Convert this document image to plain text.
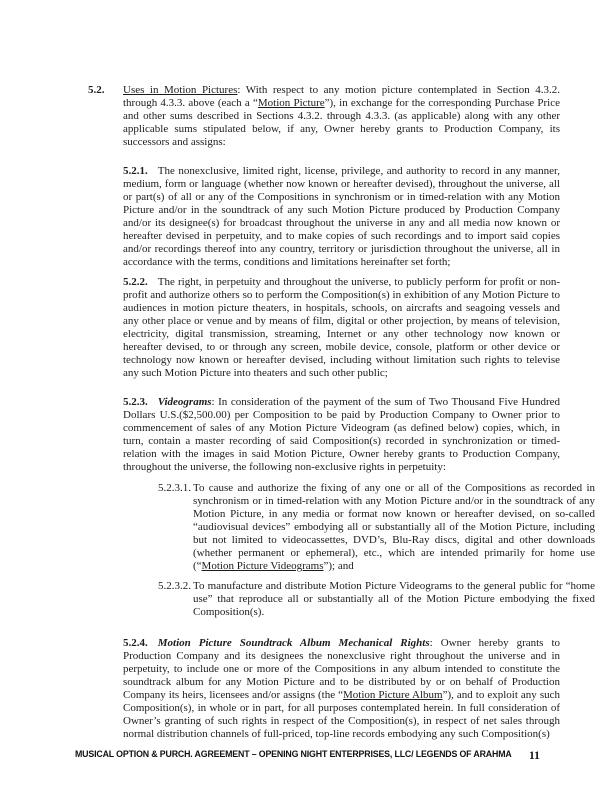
5.2. Uses in Motion Pictures: With respect to any motion picture contemplated in Section 4.3.2. through 4.3.3. above (each a “Motion Picture”), in exchange for the corresponding Purchase Price and other sums described in Sections 4.3.2. through 4.3.3. (as applicable) along with any other applicable sums stipulated below, if any, Owner hereby grants to Production Company, its successors and assigns:

5.2.1. The nonexclusive, limited right, license, privilege, and authority to record in any manner, medium, form or language (whether now known or hereafter devised), throughout the universe, all or part(s) of all or any of the Compositions in synchronism or in timed-relation with any Motion Picture and/or in the soundtrack of any such Motion Picture produced by Production Company and/or its designee(s) for broadcast throughout the universe in any and all media now known or hereafter devised in perpetuity, and to make copies of such recordings and to import said copies and/or recordings thereof into any country, territory or jurisdiction throughout the universe, all in accordance with the terms, conditions and limitations hereinafter set forth;

5.2.2. The right, in perpetuity and throughout the universe, to publicly perform for profit or non-profit and authorize others so to perform the Composition(s) in exhibition of any Motion Picture to audiences in motion picture theaters, in hospitals, schools, on aircrafts and seagoing vessels and any other place or venue and by means of film, digital or other projection, by means of television, electricity, digital transmission, streaming, Internet or any other technology now known or hereafter devised, to or through any screen, mobile device, console, platform or other device or technology now known or hereafter devised, including without limitation such rights to televise any such Motion Picture into theaters and such other public;

5.2.3. Videograms: In consideration of the payment of the sum of Two Thousand Five Hundred Dollars U.S.($2,500.00) per Composition to be paid by Production Company to Owner prior to commencement of sales of any Motion Picture Videogram (as defined below) copies, which, in turn, contain a master recording of said Composition(s) recorded in synchronization or timed-relation with the images in said Motion Picture, Owner hereby grants to Production Company, throughout the universe, the following non-exclusive rights in perpetuity:

5.2.3.1. To cause and authorize the fixing of any one or all of the Compositions as recorded in synchronism or in timed-relation with any Motion Picture and/or in the soundtrack of any Motion Picture, in any media or format now known or hereafter devised, on so-called “audiovisual devices” embodying all or substantially all of the Motion Picture, including but not limited to videocassettes, DVD’s, Blu-Ray discs, digital and other downloads (whether permanent or ephemeral), etc., which are intended primarily for home use (“Motion Picture Videograms”); and

5.2.3.2. To manufacture and distribute Motion Picture Videograms to the general public for “home use” that reproduce all or substantially all of the Motion Picture embodying the fixed Composition(s).

5.2.4. Motion Picture Soundtrack Album Mechanical Rights: Owner hereby grants to Production Company and its designees the nonexclusive right throughout the universe and in perpetuity, to include one or more of the Compositions in any album intended to constitute the soundtrack album for any Motion Picture and to be distributed by or on behalf of Production Company its heirs, licensees and/or assigns (the “Motion Picture Album”), and to exploit any such Composition(s), in whole or in part, for all purposes contemplated herein. In full consideration of Owner’s granting of such rights in respect of the Composition(s), in respect of net sales through normal distribution channels of full-priced, top-line records embodying any such Composition(s)

MUSICAL OPTION & PURCH. AGREEMENT – OPENING NIGHT ENTERPRISES, LLC/ LEGENDS OF ARAHMA 11
